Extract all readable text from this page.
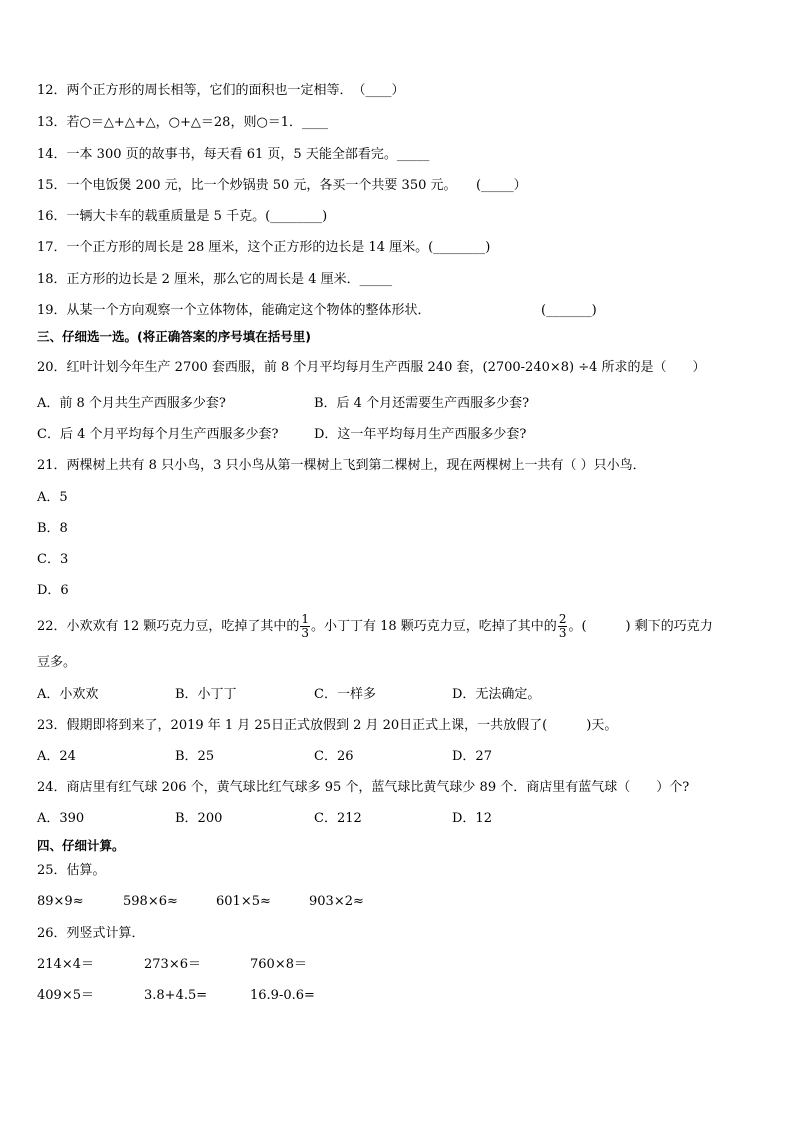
12．两个正方形的周长相等，它们的面积也一定相等．　（____）
13．若○＝△+△+△，○+△＝28，则○＝1．____
14．一本 300 页的故事书，每天看 61 页，5 天能全部看完。_____
15．一个电饭煲 200 元，比一个炒锅贵 50 元，各买一个共要 350 元。　　(_____）
16．一辆大卡车的载重质量是 5 千克。(________)
17．一个正方形的周长是 28 厘米，这个正方形的边长是 14 厘米。(________)
18．正方形的边长是 2 厘米，那么它的周长是 4 厘米．_____
19．从某一个方向观察一个立体物体，能确定这个物体的整体形状．　　　　　　　　　(_______)
三、仔细选一选。(将正确答案的序号填在括号里)
20．红叶计划今年生产 2700 套西服，前 8 个月平均每月生产西服 240 套，(2700-240×8) ÷4 所求的是（　　）
A．前 8 个月共生产西服多少套?	B．后 4 个月还需要生产西服多少套?
C．后 4 个月平均每个月生产西服多少套?	D．这一年平均每月生产西服多少套?
21．两棵树上共有 8 只小鸟，3 只小鸟从第一棵树上飞到第二棵树上，现在两棵树上一共有（ ）只小鸟．
A．5
B．8
C．3
D．6
22．小欢欢有 12 颗巧克力豆，吃掉了其中的 $\frac{1}{3}$ 。小丁丁有 18 颗巧克力豆，吃掉了其中的 $\frac{2}{3}$ 。(　　　) 剩下的巧克力
豆多。
A．小欢欢	B．小丁丁	C．一样多	D．无法确定。
23．假期即将到来了，2019 年 1 月 25日正式放假到 2 月 20日正式上课，一共放假了(　　　)天。
A．24	B．25	C．26	D．27
24．商店里有红气球 206 个，黄气球比红气球多 95 个，蓝气球比黄气球少 89 个．商店里有蓝气球（　　）个?
A．390	B．200	C．212	D．12
四、仔细计算。
25．估算。
89×9≈	598×6≈	601×5≈	903×2≈
26．列竖式计算．
214×4＝	273×6＝	760×8＝
409×5＝	3.8+4.5=	16.9-0.6=
